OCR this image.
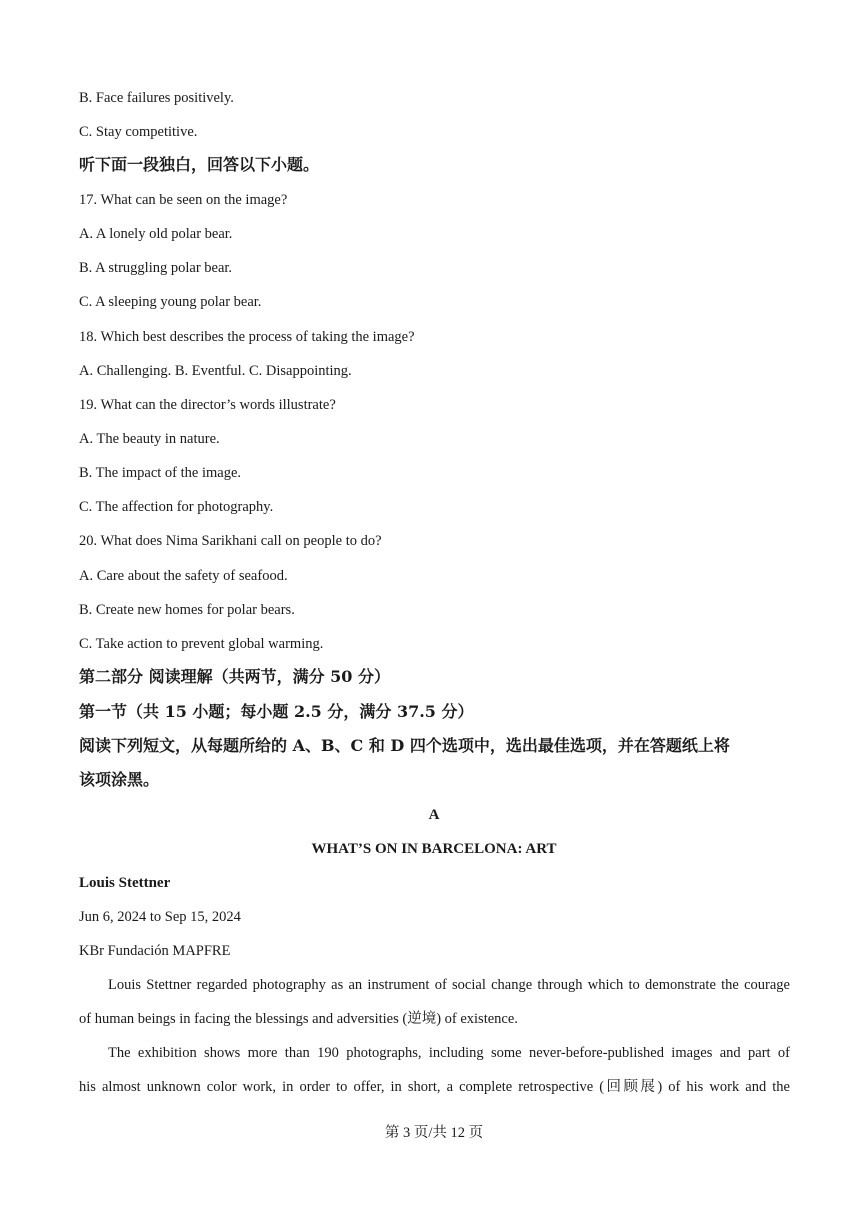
B. Face failures positively.
C. Stay competitive.
听下面一段独白，回答以下小题。
17. What can be seen on the image?
A. A lonely old polar bear.
B. A struggling polar bear.
C. A sleeping young polar bear.
18. Which best describes the process of taking the image?
A. Challenging. B. Eventful. C. Disappointing.
19. What can the director’s words illustrate?
A. The beauty in nature.
B. The impact of the image.
C. The affection for photography.
20. What does Nima Sarikhani call on people to do?
A. Care about the safety of seafood.
B. Create new homes for polar bears.
C. Take action to prevent global warming.
第二部分 阅读理解（共两节，满分 50 分）
第一节（共 15 小题；每小题 2.5 分，满分 37.5 分）
阅读下列短文，从每题所给的 A、B、C 和 D 四个选项中，选出最佳选项，并在答题纸上将
该项涂黑。
A
WHAT’S ON IN BARCELONA: ART
Louis Stettner
Jun 6, 2024 to Sep 15, 2024
KBr Fundación MAPFRE
Louis Stettner regarded photography as an instrument of social change through which to demonstrate the courage
of human beings in facing the blessings and adversities (逆境) of existence.
The exhibition shows more than 190 photographs, including some never-before-published images and part of
his almost unknown color work, in order to offer, in short, a complete retrospective (回顾展) of his work and the
第 3 页/共 12 页
